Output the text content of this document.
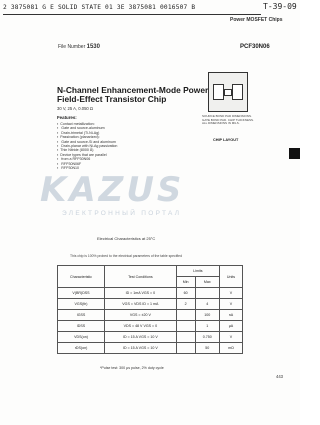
2 3875081 G E SOLID STATE 01 3E 3875081 0016507 B	T-39-09
Power MOSFET Chips
File Number 1530	PCF30N06
N-Channel Enhancement-Mode Power Field-Effect Transistor Chip
30 V, 25 A, 0.050 Ω
Features:
▪ Contact metallization:
▪ Gate and source-aluminum
▪ Drain-trimetal (Ti-Ni-Ag)
▪ Passivation (planarized):
▪ Gate and source-Si and aluminum
▪ Drain-planar with Ni-Ag passivation
▪ Thin Nitride (8000 Å)
▪ Device types that are parallel
▪ from a RFP30N06
▪ RFP30N06F
▪ RFP30N10
SOURCE BOND PAD DIMENSIONS. GATE BOND PAD. CHIP THICKNESS. ALL DIMENSIONS IN MILS.
CHIP LAYOUT
KAZUS
ЭЛЕКТРОННЫЙ ПОРТАЛ
Electrical Characteristics at 25°C
This chip is 100% probed to the electrical parameters of the table specified
Characteristic	Test Conditions	Limits		Units
		Min	Max	
V(BR)DSS	ID = 1mA VGS = 0	60		V
VGS(th)	VGS = VDS ID = 1 mA	2	4	V
IGSS	VGS = ±20 V		100	nA
IDSS	VDS = 48 V VGS = 0		1	μA
VDS(on)	ID = 15 A VGS = 10 V		0.750	V
rDS(on)	ID = 15 A VGS = 10 V		50	mΩ
*Pulse test: 300 μs pulse, 2% duty cycle
443
